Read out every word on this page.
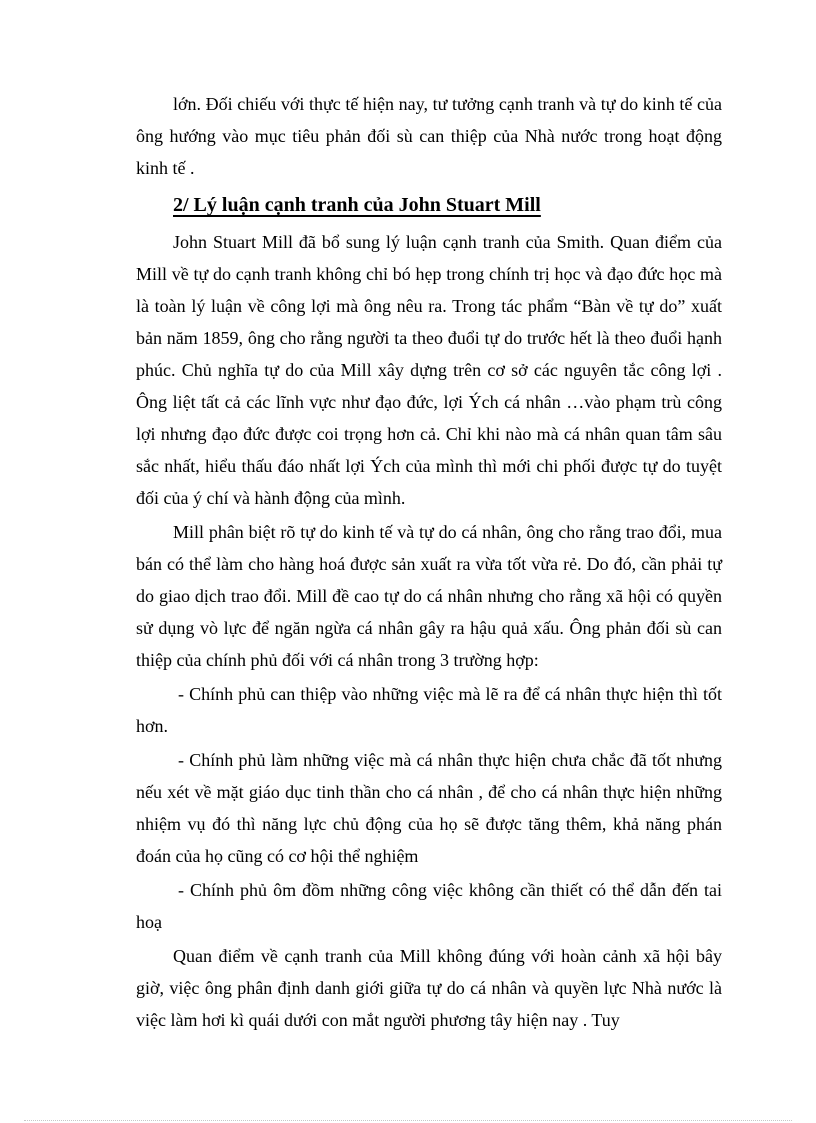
lớn. Đối chiếu với thực tế hiện nay, tư tưởng cạnh tranh và tự do kinh tế của ông hướng vào mục tiêu phản đối sù can thiệp của Nhà nước trong hoạt động kinh tế .

2/ Lý luận cạnh tranh của John Stuart Mill

John Stuart Mill đã bổ sung lý luận cạnh tranh của Smith. Quan điểm của Mill về tự do cạnh tranh không chỉ bó hẹp trong chính trị học và đạo đức học mà là toàn lý luận về công lợi mà ông nêu ra. Trong tác phẩm “Bàn về tự do” xuất bản năm 1859, ông cho rằng người ta theo đuổi tự do trước hết là theo đuổi hạnh phúc. Chủ nghĩa tự do của Mill xây dựng trên cơ sở các nguyên tắc công lợi . Ông liệt tất cả các lĩnh vực như đạo đức, lợi Ých cá nhân …vào phạm trù công lợi nhưng đạo đức được coi trọng hơn cả. Chỉ khi nào mà cá nhân quan tâm sâu sắc nhất, hiểu thấu đáo nhất lợi Ých của mình thì mới chi phối được tự do tuyệt đối của ý chí và hành động của mình.

Mill phân biệt rõ tự do kinh tế và tự do cá nhân, ông cho rằng trao đổi, mua bán có thể làm cho hàng hoá được sản xuất ra vừa tốt vừa rẻ. Do đó, cần phải tự do giao dịch trao đổi. Mill đề cao tự do cá nhân nhưng cho rằng xã hội có quyền sử dụng vò lực để ngăn ngừa cá nhân gây ra hậu quả xấu. Ông phản đối sù can thiệp của chính phủ đối với cá nhân trong 3 trường hợp:

- Chính phủ can thiệp vào những việc mà lẽ ra để cá nhân thực hiện thì tốt hơn.

- Chính phủ làm những việc mà cá nhân thực hiện chưa chắc đã tốt nhưng nếu xét về mặt giáo dục tinh thần cho cá nhân , để cho cá nhân thực hiện những nhiệm vụ đó thì năng lực chủ động của họ sẽ được tăng thêm, khả năng phán đoán của họ cũng có cơ hội thể nghiệm

- Chính phủ ôm đồm những công việc không cần thiết có thể dẫn đến tai hoạ

Quan điểm về cạnh tranh của Mill không đúng với hoàn cảnh xã hội bây giờ, việc ông phân định danh giới giữa tự do cá nhân và quyền lực Nhà nước là việc làm hơi kì quái dưới con mắt người phương tây hiện nay . Tuy
